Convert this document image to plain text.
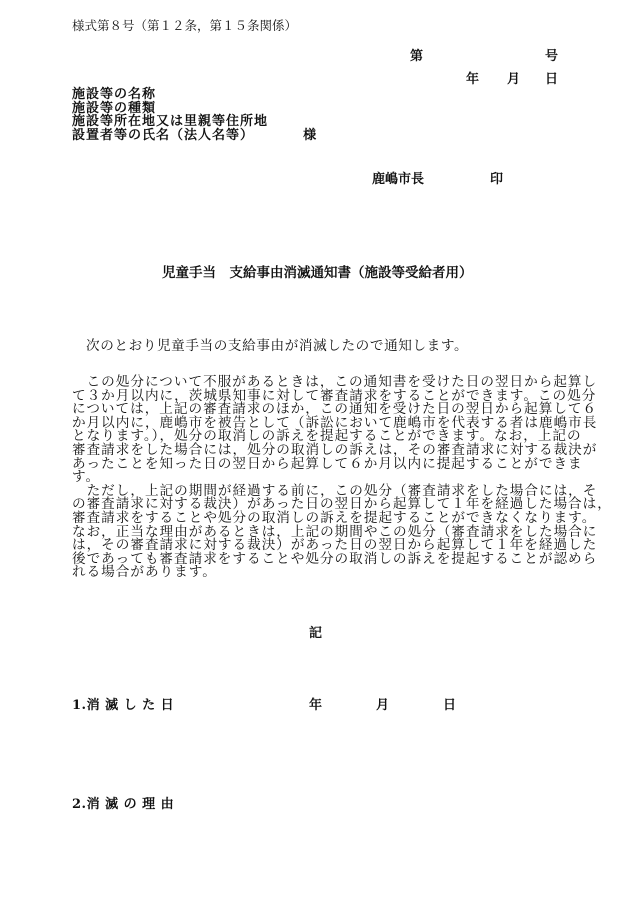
様式第８号（第１２条，第１５条関係）
第	号
年 月 日
施設等の名称
施設等の種類
施設等所在地又は里親等住所地
設置者等の氏名（法人名等）	様
鹿嶋市長	印
児童手当　支給事由消滅通知書（施設等受給者用）
次のとおり児童手当の支給事由が消滅したので通知します。
　この処分について不服があるときは，この通知書を受けた日の翌日から起算し
て３か月以内に，茨城県知事に対して審査請求をすることができます。この処分
については，上記の審査請求のほか，この通知を受けた日の翌日から起算して６
か月以内に，鹿嶋市を被告として（訴訟において鹿嶋市を代表する者は鹿嶋市長
となります。），処分の取消しの訴えを提起することができます。なお，上記の
審査請求をした場合には，処分の取消しの訴えは，その審査請求に対する裁決が
あったことを知った日の翌日から起算して６か月以内に提起することができま
す。
　ただし，上記の期間が経過する前に，この処分（審査請求をした場合には，そ
の審査請求に対する裁決）があった日の翌日から起算して１年を経過した場合は，
審査請求をすることや処分の取消しの訴えを提起することができなくなります。
なお，正当な理由があるときは，上記の期間やこの処分（審査請求をした場合に
は，その審査請求に対する裁決）があった日の翌日から起算して１年を経過した
後であっても審査請求をすることや処分の取消しの訴えを提起することが認めら
れる場合があります。
記
1.消 滅 し た 日	年	月	日
2.消 滅 の 理 由
